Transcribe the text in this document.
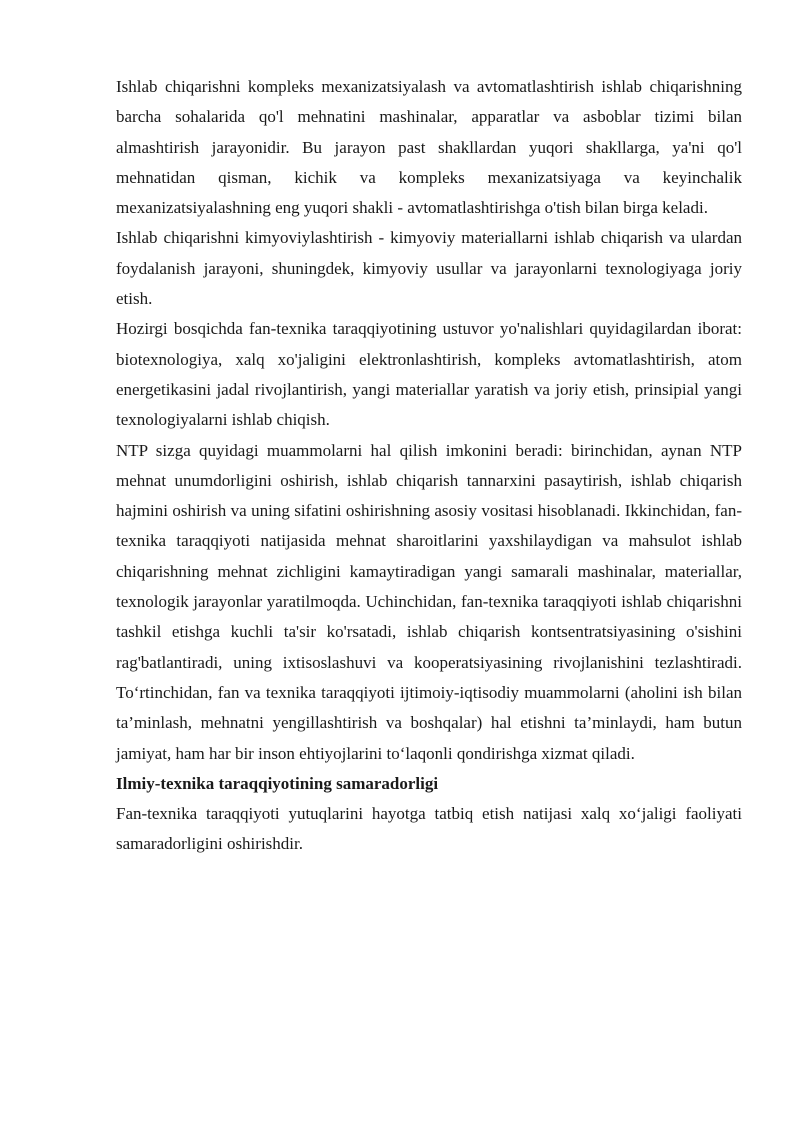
Ishlab chiqarishni kompleks mexanizatsiyalash va avtomatlashtirish ishlab chiqarishning barcha sohalarida qo'l mehnatini mashinalar, apparatlar va asboblar tizimi bilan almashtirish jarayonidir. Bu jarayon past shakllardan yuqori shakllarga, ya'ni qo'l mehnatidan qisman, kichik va kompleks mexanizatsiyaga va keyinchalik mexanizatsiyalashning eng yuqori shakli - avtomatlashtirishga o'tish bilan birga keladi.

Ishlab chiqarishni kimyoviylashtirish - kimyoviy materiallarni ishlab chiqarish va ulardan foydalanish jarayoni, shuningdek, kimyoviy usullar va jarayonlarni texnologiyaga joriy etish.

Hozirgi bosqichda fan-texnika taraqqiyotining ustuvor yo'nalishlari quyidagilardan iborat: biotexnologiya, xalq xo'jaligini elektronlashtirish, kompleks avtomatlashtirish, atom energetikasini jadal rivojlantirish, yangi materiallar yaratish va joriy etish, prinsipial yangi texnologiyalarni ishlab chiqish.

NTP sizga quyidagi muammolarni hal qilish imkonini beradi: birinchidan, aynan NTP mehnat unumdorligini oshirish, ishlab chiqarish tannarxini pasaytirish, ishlab chiqarish hajmini oshirish va uning sifatini oshirishning asosiy vositasi hisoblanadi. Ikkinchidan, fan-texnika taraqqiyoti natijasida mehnat sharoitlarini yaxshilaydigan va mahsulot ishlab chiqarishning mehnat zichligini kamaytiradigan yangi samarali mashinalar, materiallar, texnologik jarayonlar yaratilmoqda. Uchinchidan, fan-texnika taraqqiyoti ishlab chiqarishni tashkil etishga kuchli ta'sir ko'rsatadi, ishlab chiqarish kontsentratsiyasining o'sishini rag'batlantiradi, uning ixtisoslashuvi va kooperatsiyasining rivojlanishini tezlashtiradi. To‘rtinchidan, fan va texnika taraqqiyoti ijtimoiy-iqtisodiy muammolarni (aholini ish bilan ta’minlash, mehnatni yengillashtirish va boshqalar) hal etishni ta’minlaydi, ham butun jamiyat, ham har bir inson ehtiyojlarini to‘laqonli qondirishga xizmat qiladi.

Ilmiy-texnika taraqqiyotining samaradorligi

Fan-texnika taraqqiyoti yutuqlarini hayotga tatbiq etish natijasi xalq xo‘jaligi faoliyati samaradorligini oshirishdir.
